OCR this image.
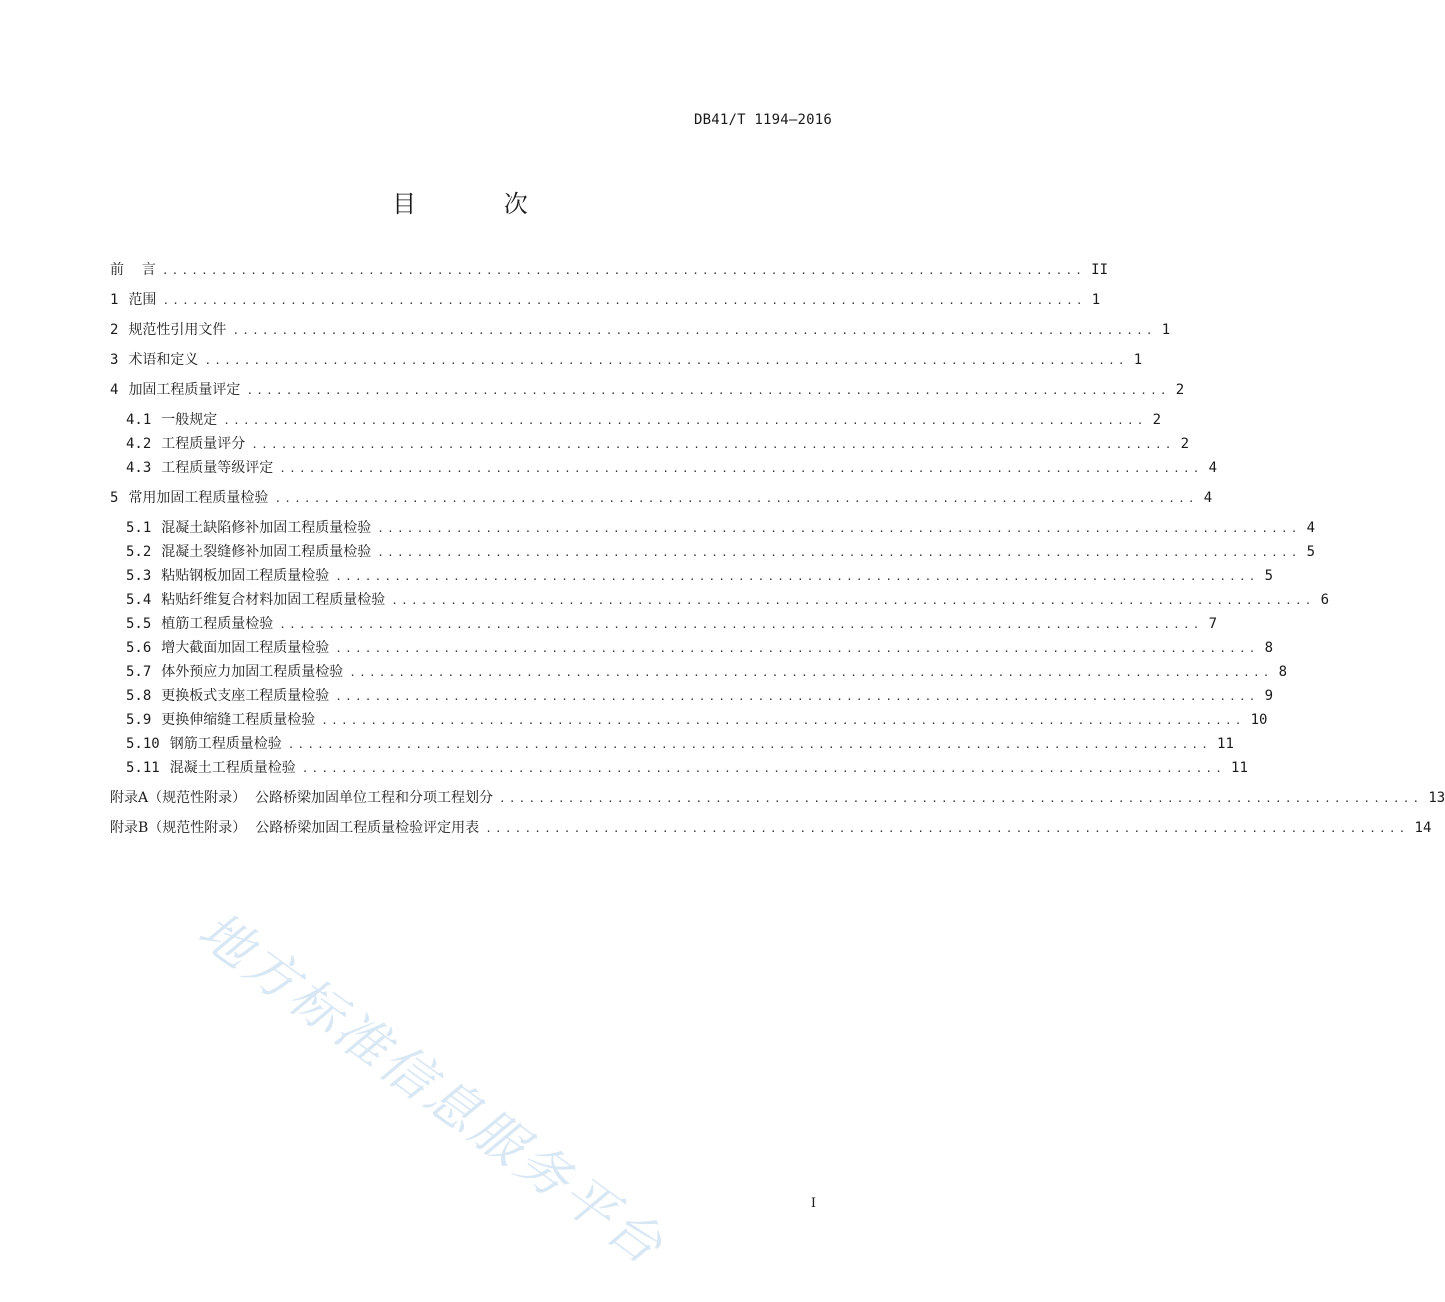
DB41/T 1194—2016
目 次
前    言 .............................................................................................. II
1 范围 .............................................................................................. 1
2 规范性引用文件 .............................................................................................. 1
3 术语和定义 .............................................................................................. 1
4 加固工程质量评定 .............................................................................................. 2
4.1 一般规定 .............................................................................................. 2
4.2 工程质量评分 .............................................................................................. 2
4.3 工程质量等级评定 .............................................................................................. 4
5 常用加固工程质量检验 .............................................................................................. 4
5.1 混凝土缺陷修补加固工程质量检验 .............................................................................................. 4
5.2 混凝土裂缝修补加固工程质量检验 .............................................................................................. 5
5.3 粘贴钢板加固工程质量检验 .............................................................................................. 5
5.4 粘贴纤维复合材料加固工程质量检验 .............................................................................................. 6
5.5 植筋工程质量检验 .............................................................................................. 7
5.6 增大截面加固工程质量检验 .............................................................................................. 8
5.7 体外预应力加固工程质量检验 .............................................................................................. 8
5.8 更换板式支座工程质量检验 .............................................................................................. 9
5.9 更换伸缩缝工程质量检验 .............................................................................................. 10
5.10 钢筋工程质量检验 .............................................................................................. 11
5.11 混凝土工程质量检验 .............................................................................................. 11
附录A（规范性附录）  公路桥梁加固单位工程和分项工程划分 .............................................................................................. 13
附录B（规范性附录）  公路桥梁加固工程质量检验评定用表 .............................................................................................. 14
地方标准信息服务平台	I
